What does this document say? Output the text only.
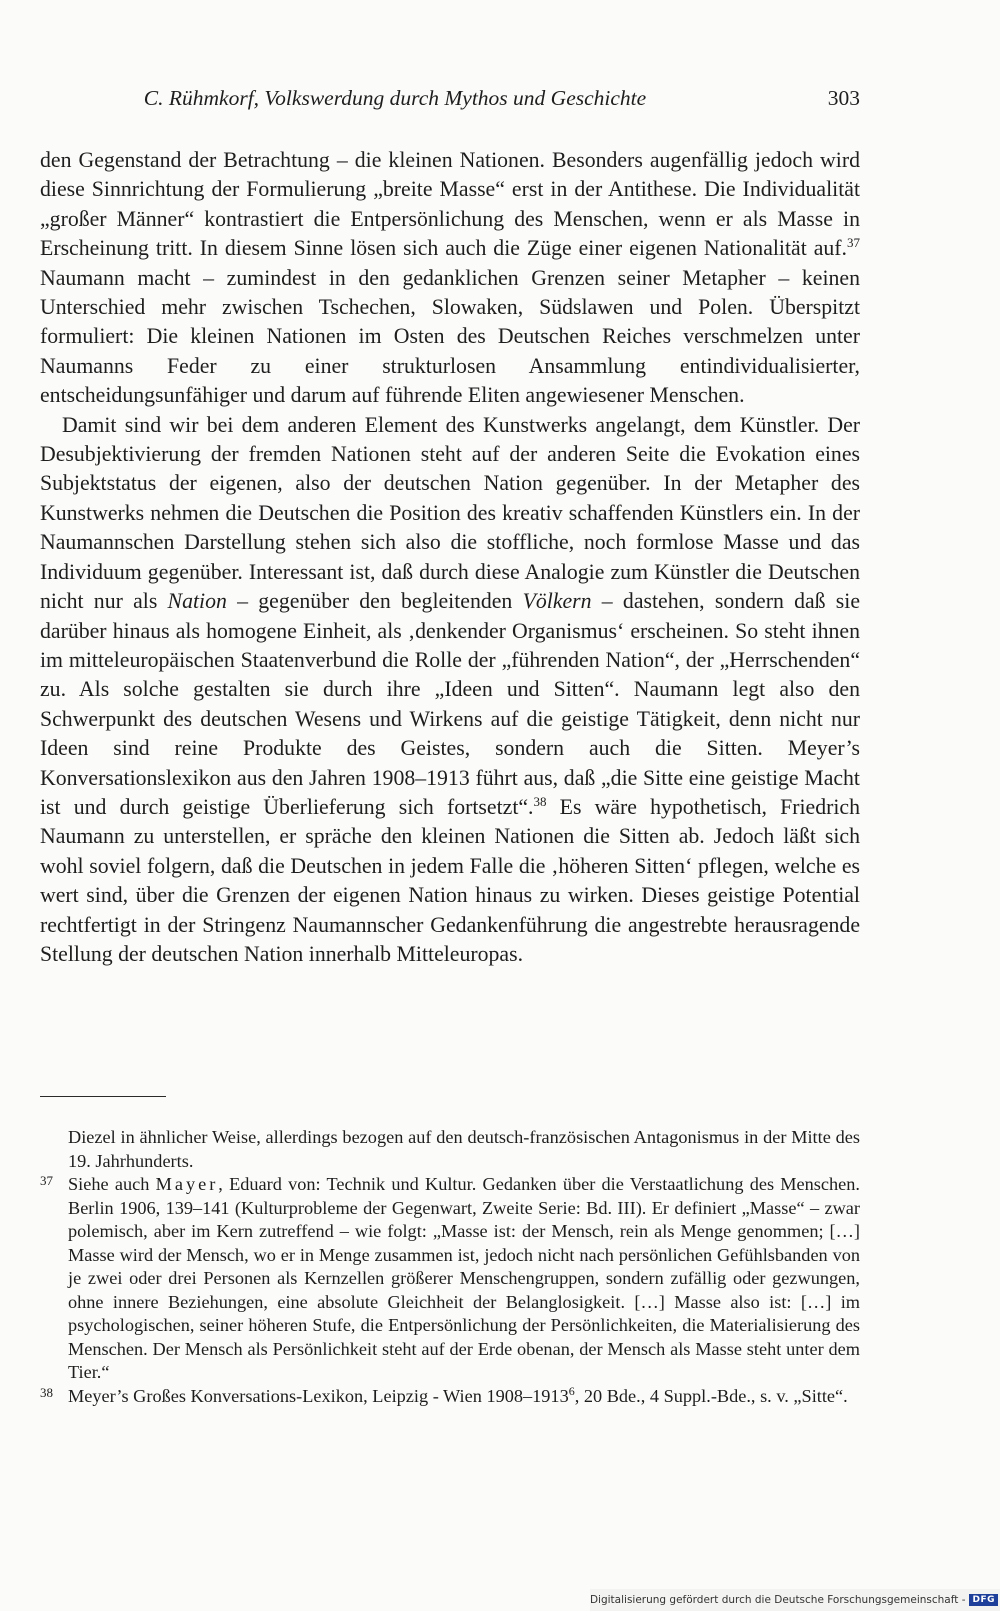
C. Rühmkorf, Volkswerdung durch Mythos und Geschichte	303

den Gegenstand der Betrachtung – die kleinen Nationen. Besonders augenfällig jedoch wird diese Sinnrichtung der Formulierung „breite Masse“ erst in der Antithese. Die Individualität „großer Männer“ kontrastiert die Entpersönlichung des Menschen, wenn er als Masse in Erscheinung tritt. In diesem Sinne lösen sich auch die Züge einer eigenen Nationalität auf.$^{37}$ Naumann macht – zumindest in den gedanklichen Grenzen seiner Metapher – keinen Unterschied mehr zwischen Tschechen, Slowaken, Südslawen und Polen. Überspitzt formuliert: Die kleinen Nationen im Osten des Deutschen Reiches verschmelzen unter Naumanns Feder zu einer strukturlosen Ansammlung entindividualisierter, entscheidungsunfähiger und darum auf führende Eliten angewiesener Menschen.

Damit sind wir bei dem anderen Element des Kunstwerks angelangt, dem Künstler. Der Desubjektivierung der fremden Nationen steht auf der anderen Seite die Evokation eines Subjektstatus der eigenen, also der deutschen Nation gegenüber. In der Metapher des Kunstwerks nehmen die Deutschen die Position des kreativ schaffenden Künstlers ein. In der Naumannschen Darstellung stehen sich also die stoffliche, noch formlose Masse und das Individuum gegenüber. Interessant ist, daß durch diese Analogie zum Künstler die Deutschen nicht nur als Nation – gegenüber den begleitenden Völkern – dastehen, sondern daß sie darüber hinaus als homogene Einheit, als ‚denkender Organismus‘ erscheinen. So steht ihnen im mitteleuropäischen Staatenverbund die Rolle der „führenden Nation“, der „Herrschenden“ zu. Als solche gestalten sie durch ihre „Ideen und Sitten“. Naumann legt also den Schwerpunkt des deutschen Wesens und Wirkens auf die geistige Tätigkeit, denn nicht nur Ideen sind reine Produkte des Geistes, sondern auch die Sitten. Meyer’s Konversationslexikon aus den Jahren 1908–1913 führt aus, daß „die Sitte eine geistige Macht ist und durch geistige Überlieferung sich fortsetzt“.$^{38}$ Es wäre hypothetisch, Friedrich Naumann zu unterstellen, er spräche den kleinen Nationen die Sitten ab. Jedoch läßt sich wohl soviel folgern, daß die Deutschen in jedem Falle die ‚höheren Sitten‘ pflegen, welche es wert sind, über die Grenzen der eigenen Nation hinaus zu wirken. Dieses geistige Potential rechtfertigt in der Stringenz Naumannscher Gedankenführung die angestrebte herausragende Stellung der deutschen Nation innerhalb Mitteleuropas.

Diezel in ähnlicher Weise, allerdings bezogen auf den deutsch-französischen Antagonismus in der Mitte des 19. Jahrhunderts.
37 Siehe auch Mayer, Eduard von: Technik und Kultur. Gedanken über die Verstaatlichung des Menschen. Berlin 1906, 139–141 (Kulturprobleme der Gegenwart, Zweite Serie: Bd. III). Er definiert „Masse“ – zwar polemisch, aber im Kern zutreffend – wie folgt: „Masse ist: der Mensch, rein als Menge genommen; […] Masse wird der Mensch, wo er in Menge zusammen ist, jedoch nicht nach persönlichen Gefühlsbanden von je zwei oder drei Personen als Kernzellen größerer Menschengruppen, sondern zufällig oder gezwungen, ohne innere Beziehungen, eine absolute Gleichheit der Belanglosigkeit. […] Masse also ist: […] im psychologischen, seiner höheren Stufe, die Entpersönlichung der Persönlichkeiten, die Materialisierung des Menschen. Der Mensch als Persönlichkeit steht auf der Erde obenan, der Mensch als Masse steht unter dem Tier.“
38 Meyer’s Großes Konversations-Lexikon, Leipzig - Wien 1908–1913$^6$, 20 Bde., 4 Suppl.-Bde., s. v. „Sitte“.
Digitalisierung gefördert durch die Deutsche Forschungsgemeinschaft - DFG
